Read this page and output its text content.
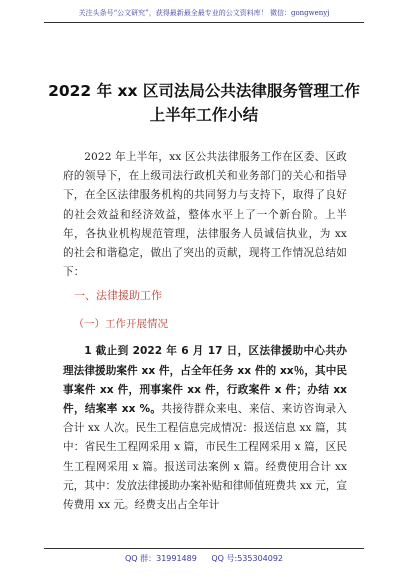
关注头条号“公文研究”，获得最新最全最专业的公文资料库！ 微信：gongwenyj
2022 年 xx 区司法局公共法律服务管理工作
上半年工作小结

2022 年上半年，xx 区公共法律服务工作在区委、区政府的领导下，在上级司法行政机关和业务部门的关心和指导下，在全区法律服务机构的共同努力与支持下，取得了良好的社会效益和经济效益，整体水平上了一个新台阶。上半年，各执业机构规范管理，法律服务人员诚信执业，为 xx 的社会和谐稳定，做出了突出的贡献，现将工作情况总结如下：

一、法律援助工作

（一）工作开展情况

1 截止到 2022 年 6 月 17 日，区法律援助中心共办理法律援助案件 xx 件，占全年任务 xx 件的 xx％，其中民事案件 xx 件，刑事案件 xx 件，行政案件 x 件；办结 xx 件，结案率 xx %。共接待群众来电、来信、来访咨询录入合计 xx 人次。民生工程信息完成情况：报送信息 xx 篇，其中：省民生工程网采用 x 篇，市民生工程网采用 x 篇，区民生工程网采用 x 篇。报送司法案例 x 篇。经费使用合计 xx 元，其中：发放法律援助办案补贴和律师值班费共 xx 元，宣传费用 xx 元。经费支出占全年计

QQ 群：31991489 QQ 号:535304092
